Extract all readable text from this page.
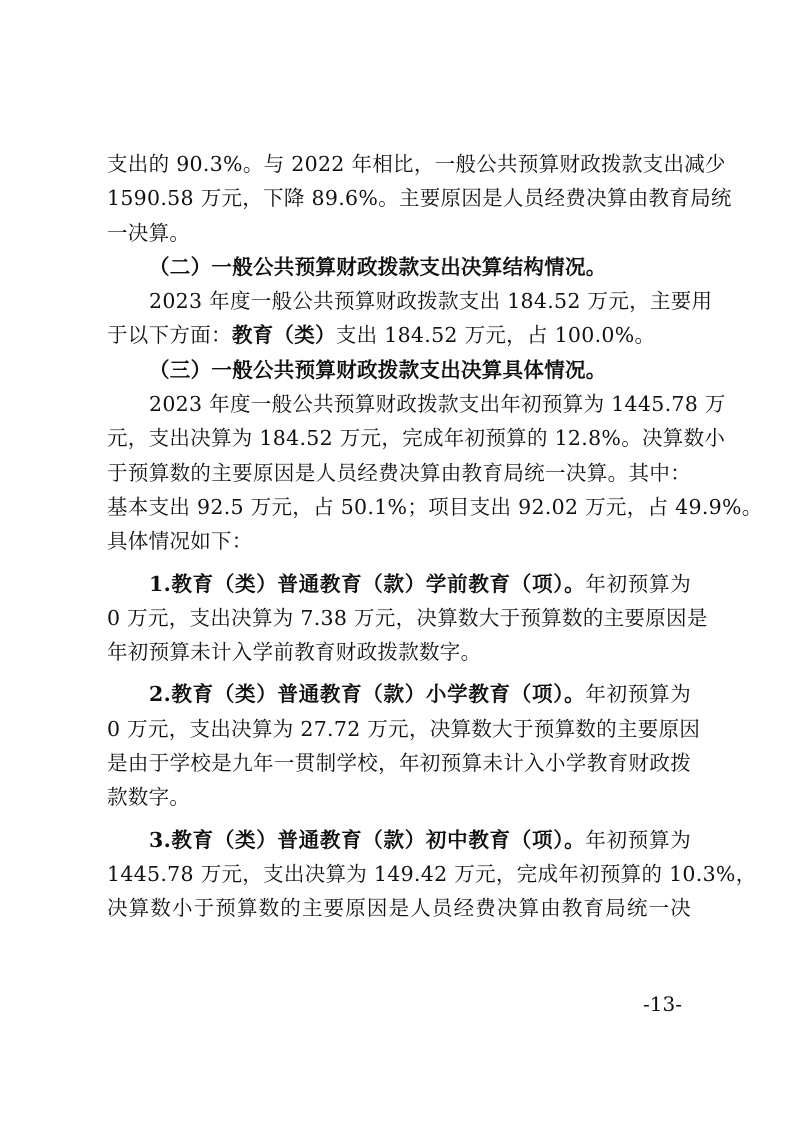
支出的 90.3%。与 2022 年相比，一般公共预算财政拨款支出减少
1590.58 万元，下降 89.6%。主要原因是人员经费决算由教育局统
一决算。
（二）一般公共预算财政拨款支出决算结构情况。
2023 年度一般公共预算财政拨款支出 184.52 万元，主要用
于以下方面：教育（类）支出 184.52 万元，占 100.0%。
（三）一般公共预算财政拨款支出决算具体情况。
2023 年度一般公共预算财政拨款支出年初预算为 1445.78 万
元，支出决算为 184.52 万元，完成年初预算的 12.8%。决算数小
于预算数的主要原因是人员经费决算由教育局统一决算。其中：
基本支出 92.5 万元，占 50.1%；项目支出 92.02 万元，占 49.9%。
具体情况如下：
1.教育（类）普通教育（款）学前教育（项）。年初预算为
0 万元，支出决算为 7.38 万元，决算数大于预算数的主要原因是
年初预算未计入学前教育财政拨款数字。
2.教育（类）普通教育（款）小学教育（项）。年初预算为
0 万元，支出决算为 27.72 万元，决算数大于预算数的主要原因
是由于学校是九年一贯制学校，年初预算未计入小学教育财政拨
款数字。
3.教育（类）普通教育（款）初中教育（项）。年初预算为
1445.78 万元，支出决算为 149.42 万元，完成年初预算的 10.3%，
决算数小于预算数的主要原因是人员经费决算由教育局统一决
-13-
